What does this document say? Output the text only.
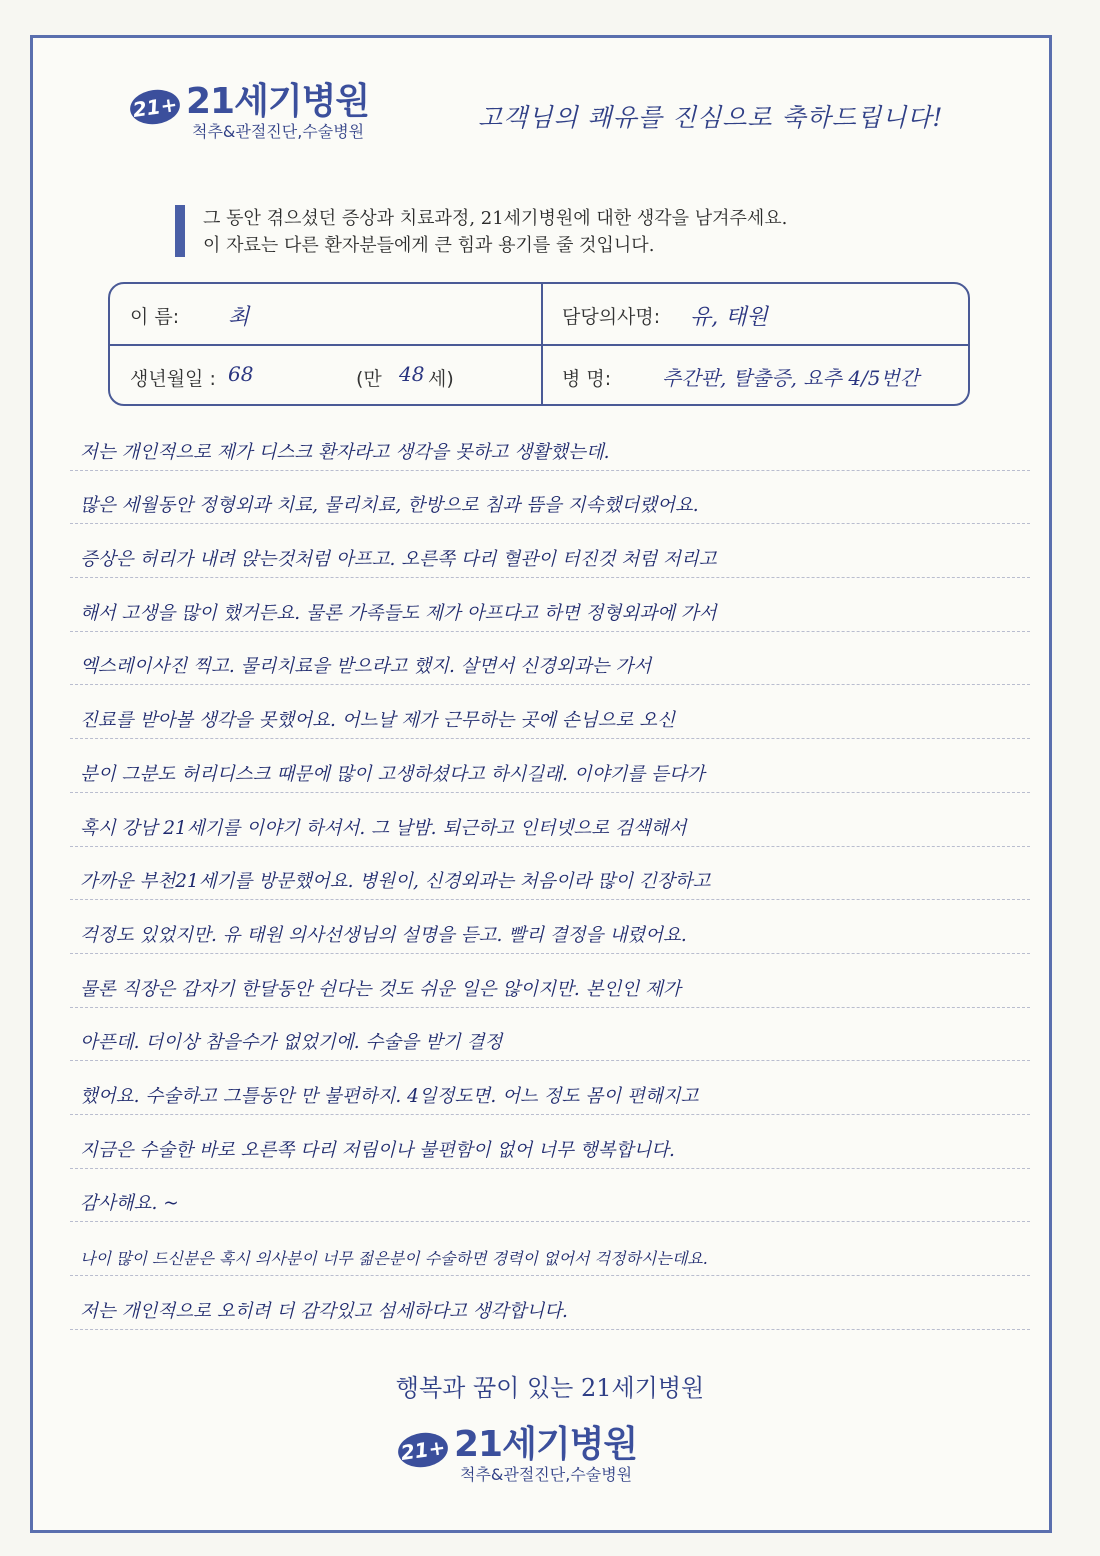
21+ 21세기병원
척추&관절진단,수술병원	고객님의 쾌유를 진심으로 축하드립니다!
그 동안 겪으셨던 증상과 치료과정, 21세기병원에 대한 생각을 남겨주세요.
이 자료는 다른 환자분들에게 큰 힘과 용기를 줄 것입니다.
이 름: 최	담당의사명: 유, 태원
생년월일 : 68	(만 48 세)	병 명:	추간판, 탈출증, 요추 4/5번간
저는 개인적으로 제가 디스크 환자라고 생각을 못하고 생활했는데.
많은 세월동안 정형외과 치료, 물리치료, 한방으로 침과 뜸을 지속했더랬어요.
증상은 허리가 내려 앉는것처럼 아프고. 오른쪽 다리 혈관이 터진것 처럼 저리고
해서 고생을 많이 했거든요. 물론 가족들도 제가 아프다고 하면 정형외과에 가서
엑스레이사진 찍고. 물리치료을 받으라고 했지. 살면서 신경외과는 가서
진료를 받아볼 생각을 못했어요. 어느날 제가 근무하는 곳에 손님으로 오신
분이 그분도 허리디스크 때문에 많이 고생하셨다고 하시길래. 이야기를 듣다가
혹시 강남 21세기를 이야기 하셔서. 그 날밤. 퇴근하고 인터넷으로 검색해서
가까운 부천21세기를 방문했어요. 병원이, 신경외과는 처음이라 많이 긴장하고
걱정도 있었지만. 유 태원 의사선생님의 설명을 듣고. 빨리 결정을 내렸어요.
물론 직장은 갑자기 한달동안 쉰다는 것도 쉬운 일은 않이지만. 본인인 제가
아픈데. 더이상 참을수가 없었기에. 수술을 받기 결정
했어요. 수술하고 그틀동안 만 불편하지. 4일정도면. 어느 정도 몸이 편해지고
지금은 수술한 바로 오른쪽 다리 저림이나 불편함이 없어 너무 행복합니다.
감사해요. ~
나이 많이 드신분은 혹시 의사분이 너무 젊은분이 수술하면 경력이 없어서 걱정하시는데요.
저는 개인적으로 오히려 더 감각있고 섬세하다고 생각합니다.
행복과 꿈이 있는 21세기병원
21+ 21세기병원
척추&관절진단,수술병원
